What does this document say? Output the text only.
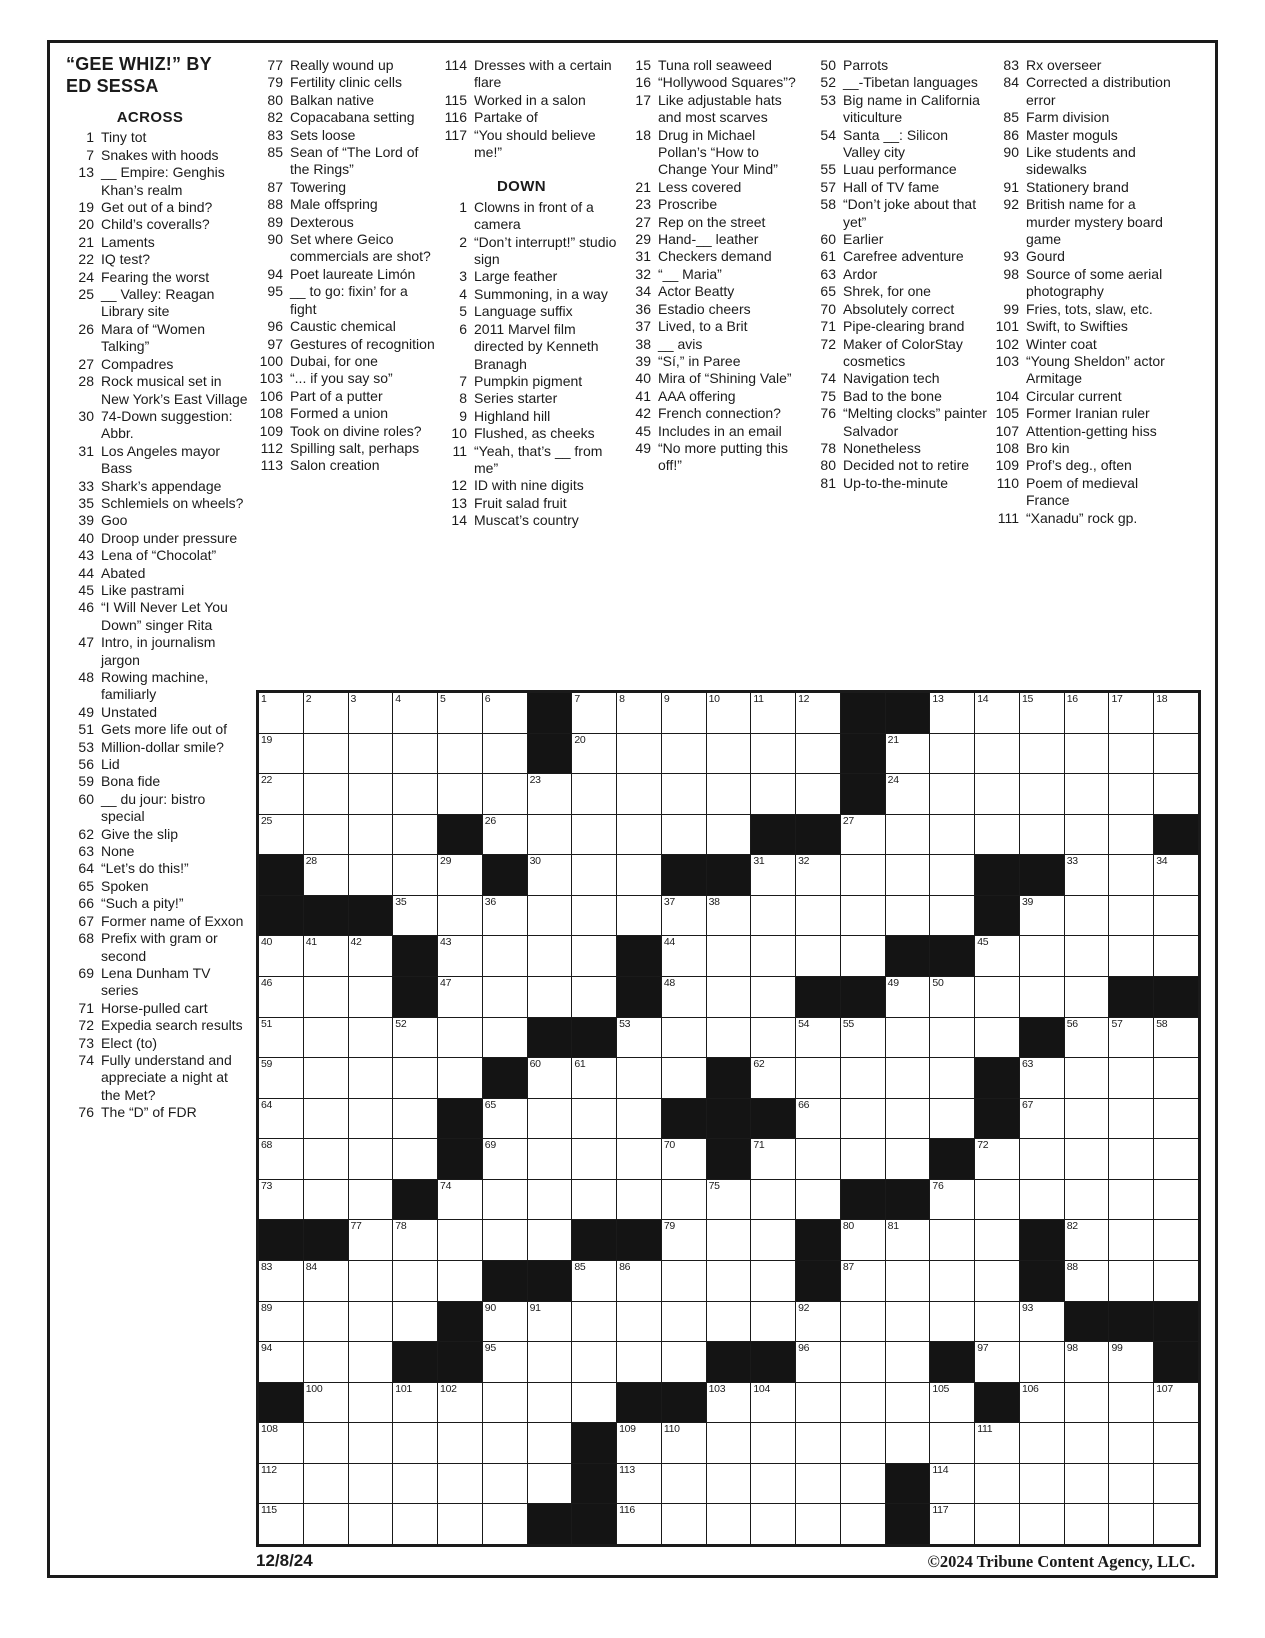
“GEE WHIZ!” BY
ED SESSA
ACROSS
1 Tiny tot
7 Snakes with hoods
13 __ Empire: Genghis Khan’s realm
19 Get out of a bind?
20 Child’s coveralls?
21 Laments
22 IQ test?
24 Fearing the worst
25 __ Valley: Reagan Library site
26 Mara of “Women Talking”
27 Compadres
28 Rock musical set in New York’s East Village
30 74-Down suggestion: Abbr.
31 Los Angeles mayor Bass
33 Shark’s appendage
35 Schlemiels on wheels?
39 Goo
40 Droop under pressure
43 Lena of “Chocolat”
44 Abated
45 Like pastrami
46 “I Will Never Let You Down” singer Rita
47 Intro, in journalism jargon
48 Rowing machine, familiarly
49 Unstated
51 Gets more life out of
53 Million-dollar smile?
56 Lid
59 Bona fide
60 __ du jour: bistro special
62 Give the slip
63 None
64 “Let’s do this!”
65 Spoken
66 “Such a pity!”
67 Former name of Exxon
68 Prefix with gram or second
69 Lena Dunham TV series
71 Horse-pulled cart
72 Expedia search results
73 Elect (to)
74 Fully understand and appreciate a night at the Met?
76 The “D” of FDR
77 Really wound up
79 Fertility clinic cells
80 Balkan native
82 Copacabana setting
83 Sets loose
85 Sean of “The Lord of the Rings”
87 Towering
88 Male offspring
89 Dexterous
90 Set where Geico commercials are shot?
94 Poet laureate Limón
95 __ to go: fixin’ for a fight
96 Caustic chemical
97 Gestures of recognition
100 Dubai, for one
103 “... if you say so”
106 Part of a putter
108 Formed a union
109 Took on divine roles?
112 Spilling salt, perhaps
113 Salon creation
114 Dresses with a certain flare
115 Worked in a salon
116 Partake of
117 “You should believe me!”
DOWN
1 Clowns in front of a camera
2 “Don’t interrupt!” studio sign
3 Large feather
4 Summoning, in a way
5 Language suffix
6 2011 Marvel film directed by Kenneth Branagh
7 Pumpkin pigment
8 Series starter
9 Highland hill
10 Flushed, as cheeks
11 “Yeah, that’s __ from me”
12 ID with nine digits
13 Fruit salad fruit
14 Muscat’s country
15 Tuna roll seaweed
16 “Hollywood Squares”?
17 Like adjustable hats and most scarves
18 Drug in Michael Pollan’s “How to Change Your Mind”
21 Less covered
23 Proscribe
27 Rep on the street
29 Hand-__ leather
31 Checkers demand
32 “__ Maria”
34 Actor Beatty
36 Estadio cheers
37 Lived, to a Brit
38 __ avis
39 “Sí,” in Paree
40 Mira of “Shining Vale”
41 AAA offering
42 French connection?
45 Includes in an email
49 “No more putting this off!”
50 Parrots
52 __-Tibetan languages
53 Big name in California viticulture
54 Santa __: Silicon Valley city
55 Luau performance
57 Hall of TV fame
58 “Don’t joke about that yet”
60 Earlier
61 Carefree adventure
63 Ardor
65 Shrek, for one
70 Absolutely correct
71 Pipe-clearing brand
72 Maker of ColorStay cosmetics
74 Navigation tech
75 Bad to the bone
76 “Melting clocks” painter Salvador
78 Nonetheless
80 Decided not to retire
81 Up-to-the-minute
83 Rx overseer
84 Corrected a distribution error
85 Farm division
86 Master moguls
90 Like students and sidewalks
91 Stationery brand
92 British name for a murder mystery board game
93 Gourd
98 Source of some aerial photography
99 Fries, tots, slaw, etc.
101 Swift, to Swifties
102 Winter coat
103 “Young Sheldon” actor Armitage
104 Circular current
105 Former Iranian ruler
107 Attention-getting hiss
108 Bro kin
109 Prof’s deg., often
110 Poem of medieval France
111 “Xanadu” rock gp.
1	2	3	4	5	6	7	8	9	10	11	12	13	14	15	16	17	18
19	20	21
22	23	24
25	26	27
28	29	30	31	32	33	34
35	36	37	38	39
40	41	42	43	44	45
46	47	48	49	50
51	52	53	54	55	56	57	58
59	60	61	62	63
64	65	66	67
68	69	70	71	72
73	74	75	76
77	78	79	80	81	82
83	84	85	86	87	88
89	90	91	92	93
94	95	96	97	98	99
100	101	102	103	104	105	106	107
108	109	110	111
112	113	114
115	116	117
12/8/24	©2024 Tribune Content Agency, LLC.
